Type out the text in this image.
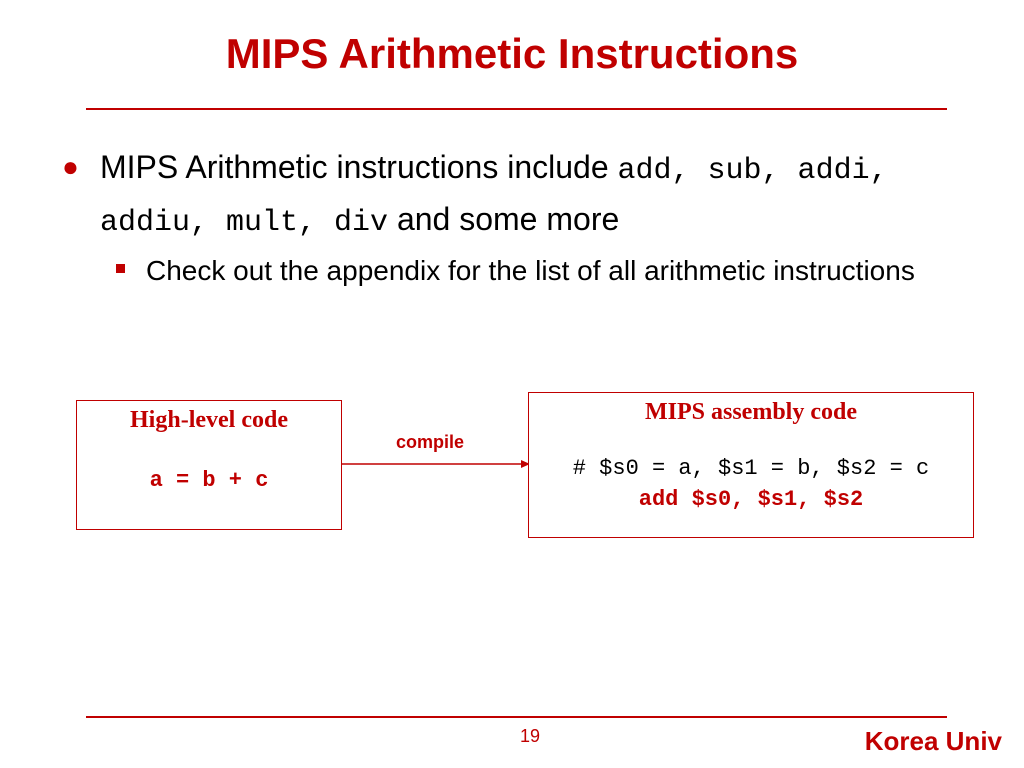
MIPS Arithmetic Instructions
● MIPS Arithmetic instructions include add, sub, addi, addiu, mult, div and some more
Check out the appendix for the list of all arithmetic instructions
High-level code
a = b + c
compile
MIPS assembly code
# $s0 = a, $s1 = b, $s2 = c
add $s0, $s1, $s2
19	Korea Univ
